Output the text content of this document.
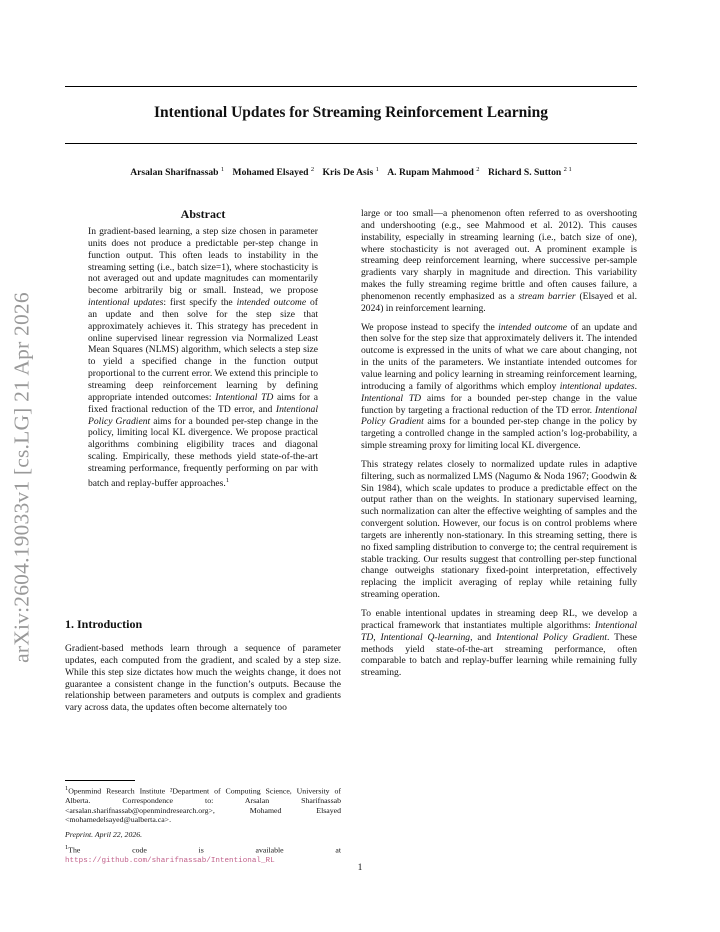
arXiv:2604.19033v1 [cs.LG] 21 Apr 2026
Intentional Updates for Streaming Reinforcement Learning
Arsalan Sharifnassab $^1$ Mohamed Elsayed $^2$ Kris De Asis $^1$ A. Rupam Mahmood $^2$ Richard S. Sutton $^{2 1}$
Abstract

In gradient-based learning, a step size chosen in parameter units does not produce a predictable per-step change in function output. This often leads to instability in the streaming setting (i.e., batch size=1), where stochasticity is not averaged out and update magnitudes can momentarily become arbitrarily big or small. Instead, we propose intentional updates: first specify the intended outcome of an update and then solve for the step size that approximately achieves it. This strategy has precedent in online supervised linear regression via Normalized Least Mean Squares (NLMS) algorithm, which selects a step size to yield a specified change in the function output proportional to the current error. We extend this principle to streaming deep reinforcement learning by defining appropriate intended outcomes: Intentional TD aims for a fixed fractional reduction of the TD error, and Intentional Policy Gradient aims for a bounded per-step change in the policy, limiting local KL divergence. We propose practical algorithms combining eligibility traces and diagonal scaling. Empirically, these methods yield state-of-the-art streaming performance, frequently performing on par with batch and replay-buffer approaches.$^1$

1. Introduction

Gradient-based methods learn through a sequence of parameter updates, each computed from the gradient, and scaled by a step size. While this step size dictates how much the weights change, it does not guarantee a consistent change in the function’s outputs. Because the relationship between parameters and outputs is complex and gradients vary across data, the updates often become alternately too

$^1$Openmind Research Institute ²Department of Computing Science, University of Alberta. Correspondence to: Arsalan Sharifnassab <arsalan.sharifnassab@openmindresearch.org>, Mohamed Elsayed <mohamedelsayed@ualberta.ca>.

Preprint. April 22, 2026.

$^1$The code is available at https://github.com/sharifnassab/Intentional_RL

large or too small—a phenomenon often referred to as overshooting and undershooting (e.g., see Mahmood et al. 2012). This causes instability, especially in streaming learning (i.e., batch size of one), where stochasticity is not averaged out. A prominent example is streaming deep reinforcement learning, where successive per-sample gradients vary sharply in magnitude and direction. This variability makes the fully streaming regime brittle and often causes failure, a phenomenon recently emphasized as a stream barrier (Elsayed et al. 2024) in reinforcement learning.

We propose instead to specify the intended outcome of an update and then solve for the step size that approximately delivers it. The intended outcome is expressed in the units of what we care about changing, not in the units of the parameters. We instantiate intended outcomes for value learning and policy learning in streaming reinforcement learning, introducing a family of algorithms which employ intentional updates. Intentional TD aims for a bounded per-step change in the value function by targeting a fractional reduction of the TD error. Intentional Policy Gradient aims for a bounded per-step change in the policy by targeting a controlled change in the sampled action’s log-probability, a simple streaming proxy for limiting local KL divergence.

This strategy relates closely to normalized update rules in adaptive filtering, such as normalized LMS (Nagumo & Noda 1967; Goodwin & Sin 1984), which scale updates to produce a predictable effect on the output rather than on the weights. In stationary supervised learning, such normalization can alter the effective weighting of samples and the convergent solution. However, our focus is on control problems where targets are inherently non-stationary. In this streaming setting, there is no fixed sampling distribution to converge to; the central requirement is stable tracking. Our results suggest that controlling per-step functional change outweighs stationary fixed-point interpretation, effectively replacing the implicit averaging of replay while retaining fully streaming operation.

To enable intentional updates in streaming deep RL, we develop a practical framework that instantiates multiple algorithms: Intentional TD, Intentional Q-learning, and Intentional Policy Gradient. These methods yield state-of-the-art streaming performance, often comparable to batch and replay-buffer learning while remaining fully streaming.

1
